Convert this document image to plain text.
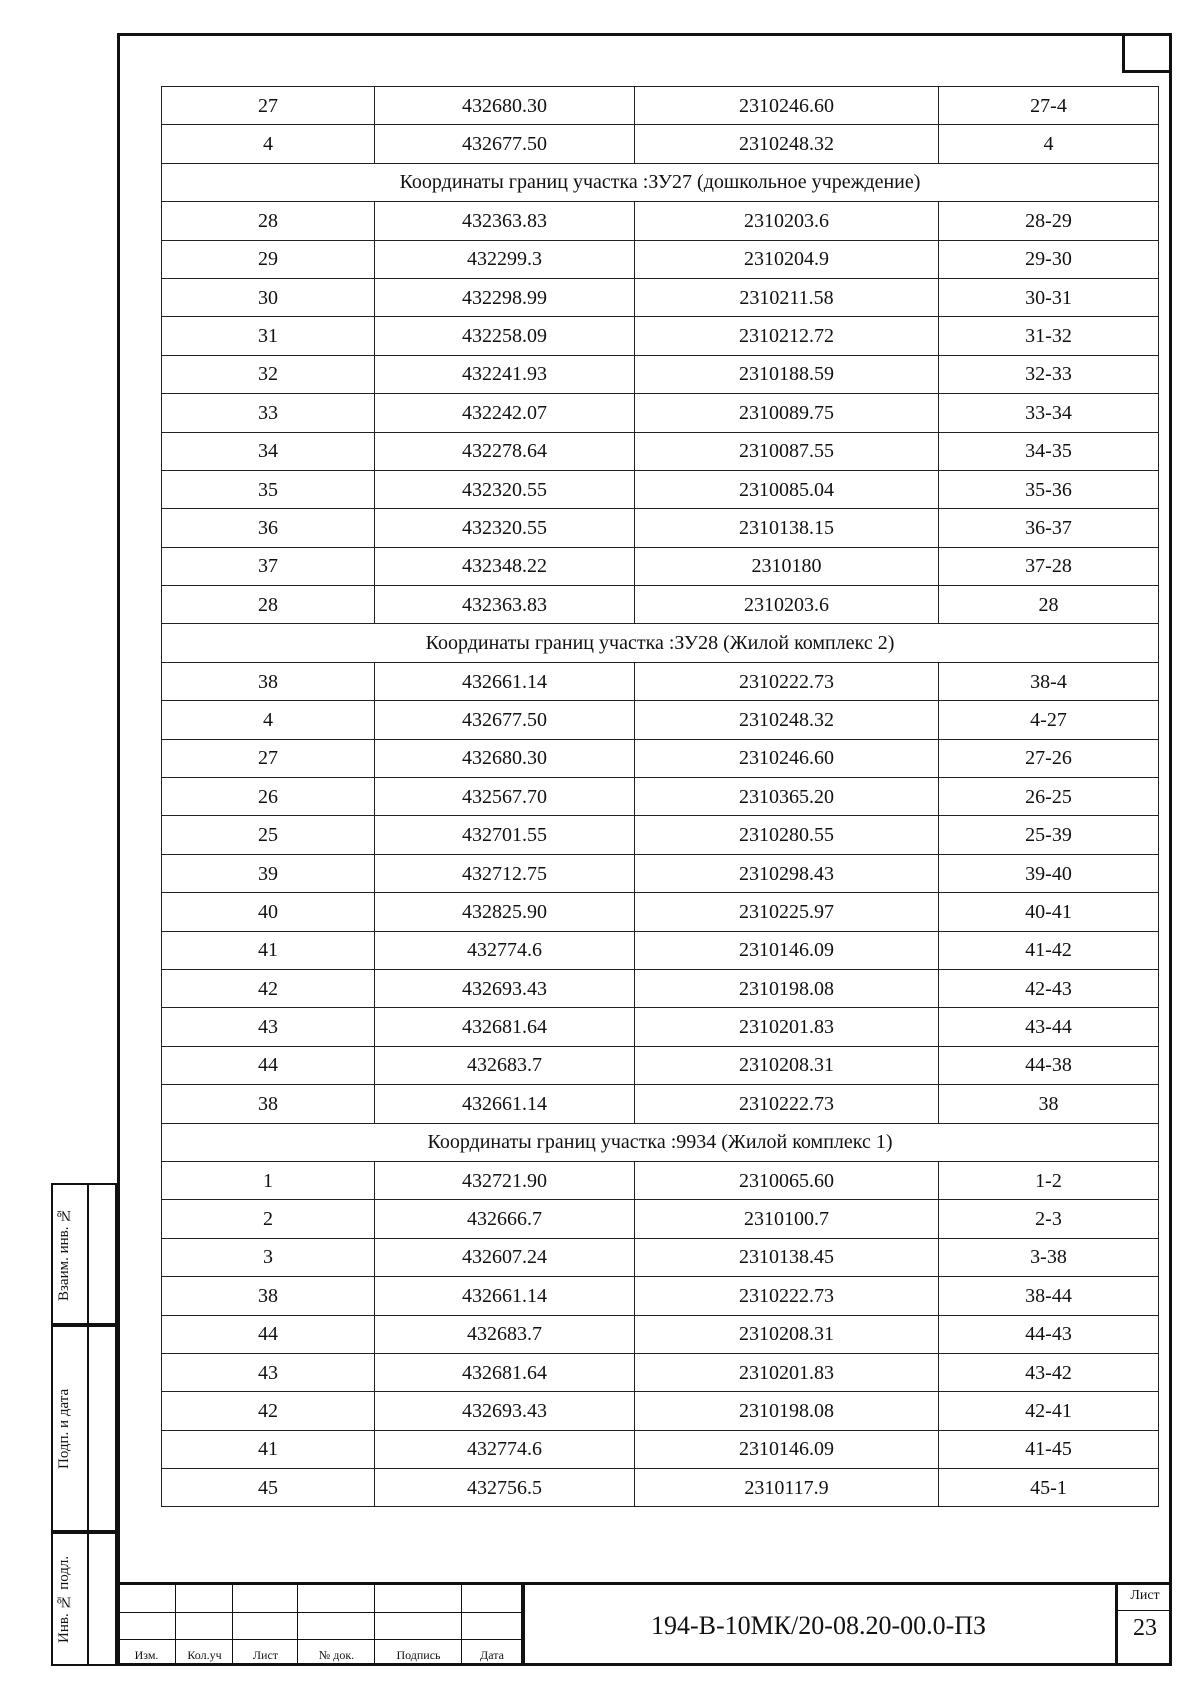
27	432680.30	2310246.60	27-4
4	432677.50	2310248.32	4
Координаты границ участка :ЗУ27 (дошкольное учреждение)			
28	432363.83	2310203.6	28-29
29	432299.3	2310204.9	29-30
30	432298.99	2310211.58	30-31
31	432258.09	2310212.72	31-32
32	432241.93	2310188.59	32-33
33	432242.07	2310089.75	33-34
34	432278.64	2310087.55	34-35
35	432320.55	2310085.04	35-36
36	432320.55	2310138.15	36-37
37	432348.22	2310180	37-28
28	432363.83	2310203.6	28
Координаты границ участка :ЗУ28 (Жилой комплекс 2)			
38	432661.14	2310222.73	38-4
4	432677.50	2310248.32	4-27
27	432680.30	2310246.60	27-26
26	432567.70	2310365.20	26-25
25	432701.55	2310280.55	25-39
39	432712.75	2310298.43	39-40
40	432825.90	2310225.97	40-41
41	432774.6	2310146.09	41-42
42	432693.43	2310198.08	42-43
43	432681.64	2310201.83	43-44
44	432683.7	2310208.31	44-38
38	432661.14	2310222.73	38
Координаты границ участка :9934 (Жилой комплекс 1)			
1	432721.90	2310065.60	1-2
2	432666.7	2310100.7	2-3
3	432607.24	2310138.45	3-38
38	432661.14	2310222.73	38-44
44	432683.7	2310208.31	44-43
43	432681.64	2310201.83	43-42
42	432693.43	2310198.08	42-41
41	432774.6	2310146.09	41-45
45	432756.5	2310117.9	45-1
Взаим. инв. №
Подп. и дата
Инв. № подл.
Изм.	Кол.уч	Лист	№ док.	Подпись	Дата
194-В-10МК/20-08.20-00.0-ПЗ
Лист
23
